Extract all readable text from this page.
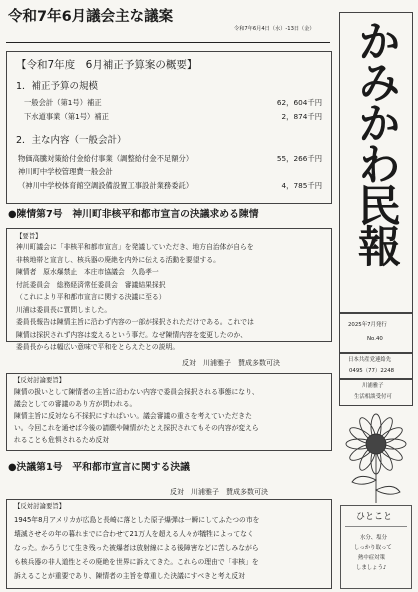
令和7年6月議会主な議案
令和7年6月4日（水）-13日（金）
【令和7年度　6月補正予算案の概要】
1．補正予算の規模
一般会計（第1号）補正	62，604千円
下水道事業（第1号）補正	2，874千円
2．主な内容（一般会計）
物価高騰対策給付金給付事業（調整給付金不足額分）	55，266千円
神川町中学校管理費一般会計
（神川中学校体育館空調設備設置工事設計業務委託）	4，785千円
●陳情第7号　神川町非核平和都市宣言の決議求める陳情
【要旨】
神川町議会に「非核平和都市宣言」を発議していただき、地方自治体が自らを
非核地帯と宣言し、核兵器の廃絶を内外に伝える活動を要望する。
陳情者　原水爆禁止　本庄市協議会　久島孝一
付託委員会　総務経済常任委員会　審議結果採択
（これにより平和都市宣言に関する決議に至る）
川浦は委員長に質問しました。
委員長報告は陳情主旨に沿わず内容の一部が採択されただけである。これでは
陳情は採択されず内容は変えるという事だ。なぜ陳情内容を変更したのか、
委員長からは幅広い意味で平和をとらえたとの説明。
反対　川浦雅子　賛成多数可決
【反対討論要旨】
陳情の扱いとして陳情者の主旨に沿わない内容で委員会採択される事態になり、
議会としての審議のあり方が問われる。
陳情主旨に反対なら不採択にすればいい。議会審議の重さを考えていただきた
い。今回これを通せば今後の請願や陳情がたとえ採択されてもその内容が変えら
れることも危惧されるため反対
●決議第1号　平和都市宣言に関する決議
反対　川浦雅子　賛成多数可決
【反対討論要旨】
1945年8月アメリカが広島と長崎に落とした原子爆弾は一瞬にしてふたつの市を
壊滅させその年の暮れまでに合わせて21万人を超える人々が犠牲によってなく
なった。かろうじて生き残った被爆者は放射線による後障害などに苦しみながら
も核兵器の非人道性とその廃絶を世界に訴えてきた。これらの理由で「非核」を
訴えることが重要であり、陳情者の主旨を尊重した決議にすべきと考え反対
かみかわ民報
2025年7月発行
No.40
日本共産党連絡先
0495（77）2248
川浦雅子
生活相談受付可
ひとこと
水分、塩分
しっかり取って
熱中症対策
しましょう♪
